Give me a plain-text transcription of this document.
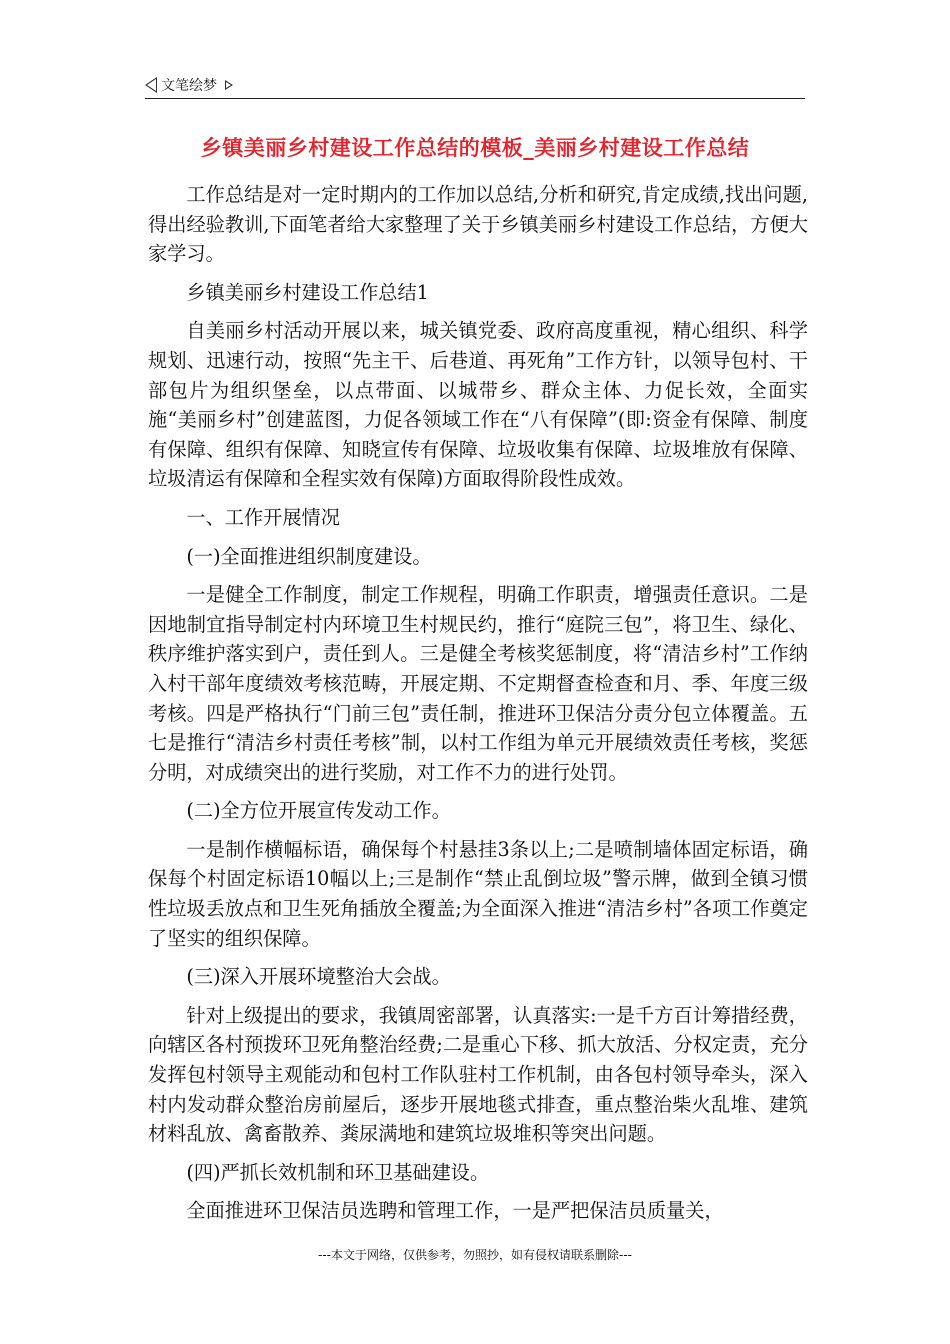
文笔绘梦
乡镇美丽乡村建设工作总结的模板_美丽乡村建设工作总结

工作总结是对一定时期内的工作加以总结,分析和研究,肯定成绩,找出问题,得出经验教训,下面笔者给大家整理了关于乡镇美丽乡村建设工作总结，方便大家学习。

乡镇美丽乡村建设工作总结1

自美丽乡村活动开展以来，城关镇党委、政府高度重视，精心组织、科学规划、迅速行动，按照“先主干、后巷道、再死角”工作方针，以领导包村、干部包片为组织堡垒，以点带面、以城带乡、群众主体、力促长效，全面实施“美丽乡村”创建蓝图，力促各领域工作在“八有保障”(即:资金有保障、制度有保障、组织有保障、知晓宣传有保障、垃圾收集有保障、垃圾堆放有保障、垃圾清运有保障和全程实效有保障)方面取得阶段性成效。

一、工作开展情况

(一)全面推进组织制度建设。

一是健全工作制度，制定工作规程，明确工作职责，增强责任意识。二是因地制宜指导制定村内环境卫生村规民约，推行“庭院三包”，将卫生、绿化、秩序维护落实到户，责任到人。三是健全考核奖惩制度，将“清洁乡村”工作纳入村干部年度绩效考核范畴，开展定期、不定期督查检查和月、季、年度三级考核。四是严格执行“门前三包”责任制，推进环卫保洁分责分包立体覆盖。五七是推行“清洁乡村责任考核”制，以村工作组为单元开展绩效责任考核，奖惩分明，对成绩突出的进行奖励，对工作不力的进行处罚。

(二)全方位开展宣传发动工作。

一是制作横幅标语，确保每个村悬挂3条以上;二是喷制墙体固定标语，确保每个村固定标语10幅以上;三是制作“禁止乱倒垃圾”警示牌，做到全镇习惯性垃圾丢放点和卫生死角插放全覆盖;为全面深入推进“清洁乡村”各项工作奠定了坚实的组织保障。

(三)深入开展环境整治大会战。

针对上级提出的要求，我镇周密部署，认真落实:一是千方百计筹措经费，向辖区各村预拨环卫死角整治经费;二是重心下移、抓大放活、分权定责，充分发挥包村领导主观能动和包村工作队驻村工作机制，由各包村领导牵头，深入村内发动群众整治房前屋后，逐步开展地毯式排查，重点整治柴火乱堆、建筑材料乱放、禽畜散养、粪尿满地和建筑垃圾堆积等突出问题。

(四)严抓长效机制和环卫基础建设。

全面推进环卫保洁员选聘和管理工作，一是严把保洁员质量关，

---本文于网络，仅供参考，勿照抄，如有侵权请联系删除---
